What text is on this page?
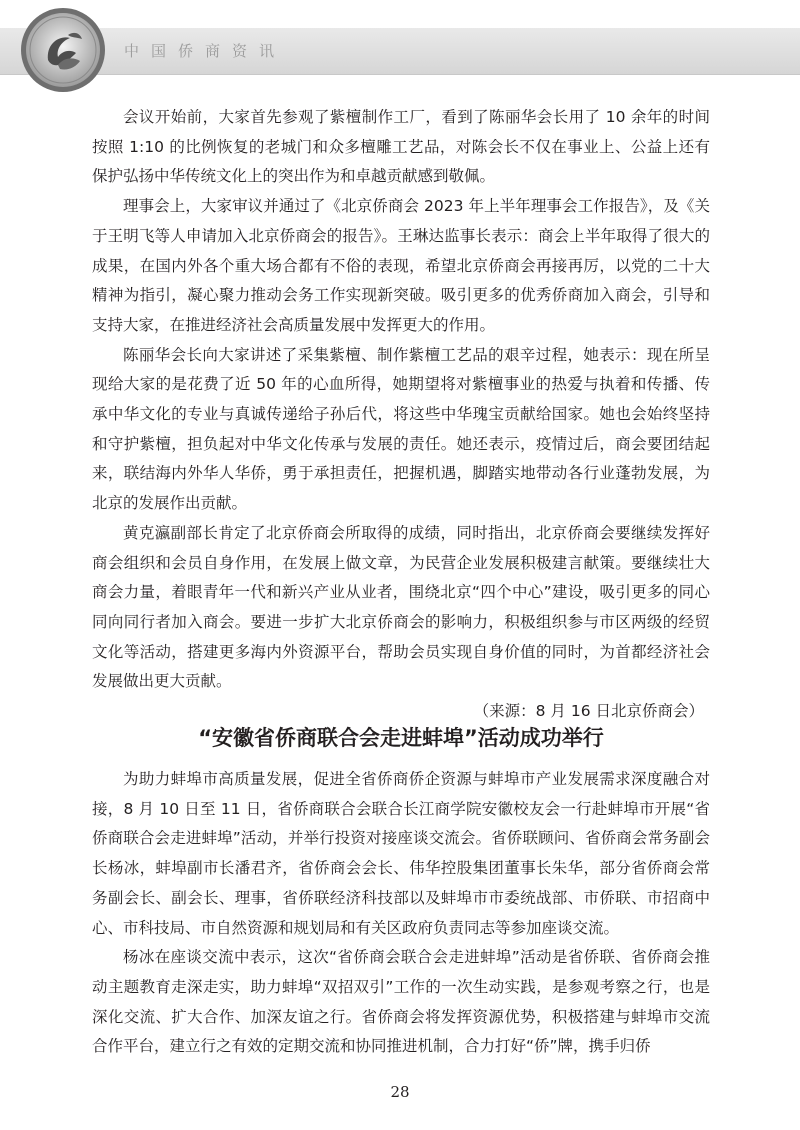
中国侨商资讯

会议开始前，大家首先参观了紫檀制作工厂，看到了陈丽华会长用了 10 余年的时间按照 1:10 的比例恢复的老城门和众多檀雕工艺品，对陈会长不仅在事业上、公益上还有保护弘扬中华传统文化上的突出作为和卓越贡献感到敬佩。

理事会上，大家审议并通过了《北京侨商会 2023 年上半年理事会工作报告》，及《关于王明飞等人申请加入北京侨商会的报告》。王琳达监事长表示：商会上半年取得了很大的成果，在国内外各个重大场合都有不俗的表现，希望北京侨商会再接再厉，以党的二十大精神为指引，凝心聚力推动会务工作实现新突破。吸引更多的优秀侨商加入商会，引导和支持大家，在推进经济社会高质量发展中发挥更大的作用。

陈丽华会长向大家讲述了采集紫檀、制作紫檀工艺品的艰辛过程，她表示：现在所呈现给大家的是花费了近 50 年的心血所得，她期望将对紫檀事业的热爱与执着和传播、传承中华文化的专业与真诚传递给子孙后代，将这些中华瑰宝贡献给国家。她也会始终坚持和守护紫檀，担负起对中华文化传承与发展的责任。她还表示，疫情过后，商会要团结起来，联结海内外华人华侨，勇于承担责任，把握机遇，脚踏实地带动各行业蓬勃发展，为北京的发展作出贡献。

黄克瀛副部长肯定了北京侨商会所取得的成绩，同时指出，北京侨商会要继续发挥好商会组织和会员自身作用，在发展上做文章，为民营企业发展积极建言献策。要继续壮大商会力量，着眼青年一代和新兴产业从业者，围绕北京“四个中心”建设，吸引更多的同心同向同行者加入商会。要进一步扩大北京侨商会的影响力，积极组织参与市区两级的经贸文化等活动，搭建更多海内外资源平台，帮助会员实现自身价值的同时，为首都经济社会发展做出更大贡献。

（来源：8 月 16 日北京侨商会）
“安徽省侨商联合会走进蚌埠”活动成功举行

为助力蚌埠市高质量发展，促进全省侨商侨企资源与蚌埠市产业发展需求深度融合对接，8 月 10 日至 11 日，省侨商联合会联合长江商学院安徽校友会一行赴蚌埠市开展“省侨商联合会走进蚌埠”活动，并举行投资对接座谈交流会。省侨联顾问、省侨商会常务副会长杨冰，蚌埠副市长潘君齐，省侨商会会长、伟华控股集团董事长朱华，部分省侨商会常务副会长、副会长、理事，省侨联经济科技部以及蚌埠市市委统战部、市侨联、市招商中心、市科技局、市自然资源和规划局和有关区政府负责同志等参加座谈交流。

杨冰在座谈交流中表示，这次“省侨商会联合会走进蚌埠”活动是省侨联、省侨商会推动主题教育走深走实，助力蚌埠“双招双引”工作的一次生动实践，是参观考察之行，也是深化交流、扩大合作、加深友谊之行。省侨商会将发挥资源优势，积极搭建与蚌埠市交流合作平台，建立行之有效的定期交流和协同推进机制，合力打好“侨”牌，携手归侨

28
